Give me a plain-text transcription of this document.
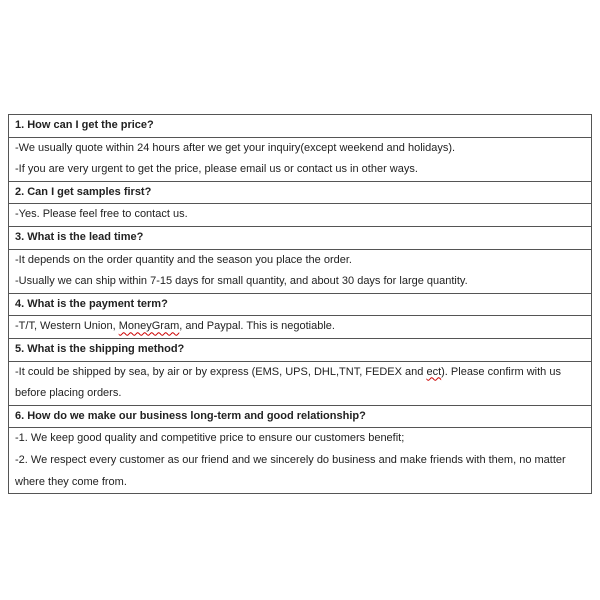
1. How can I get the price?

-We usually quote within 24 hours after we get your inquiry(except weekend and holidays).
-If you are very urgent to get the price, please email us or contact us in other ways.

2. Can I get samples first?

-Yes. Please feel free to contact us.

3. What is the lead time?

-It depends on the order quantity and the season you place the order.
-Usually we can ship within 7-15 days for small quantity, and about 30 days for large quantity.

4. What is the payment term?

-T/T, Western Union, MoneyGram, and Paypal. This is negotiable.

5. What is the shipping method?

-It could be shipped by sea, by air or by express (EMS, UPS, DHL,TNT, FEDEX and ect). Please confirm with us before placing orders.

6. How do we make our business long-term and good relationship?

-1. We keep good quality and competitive price to ensure our customers benefit;
-2. We respect every customer as our friend and we sincerely do business and make friends with them, no matter where they come from.
